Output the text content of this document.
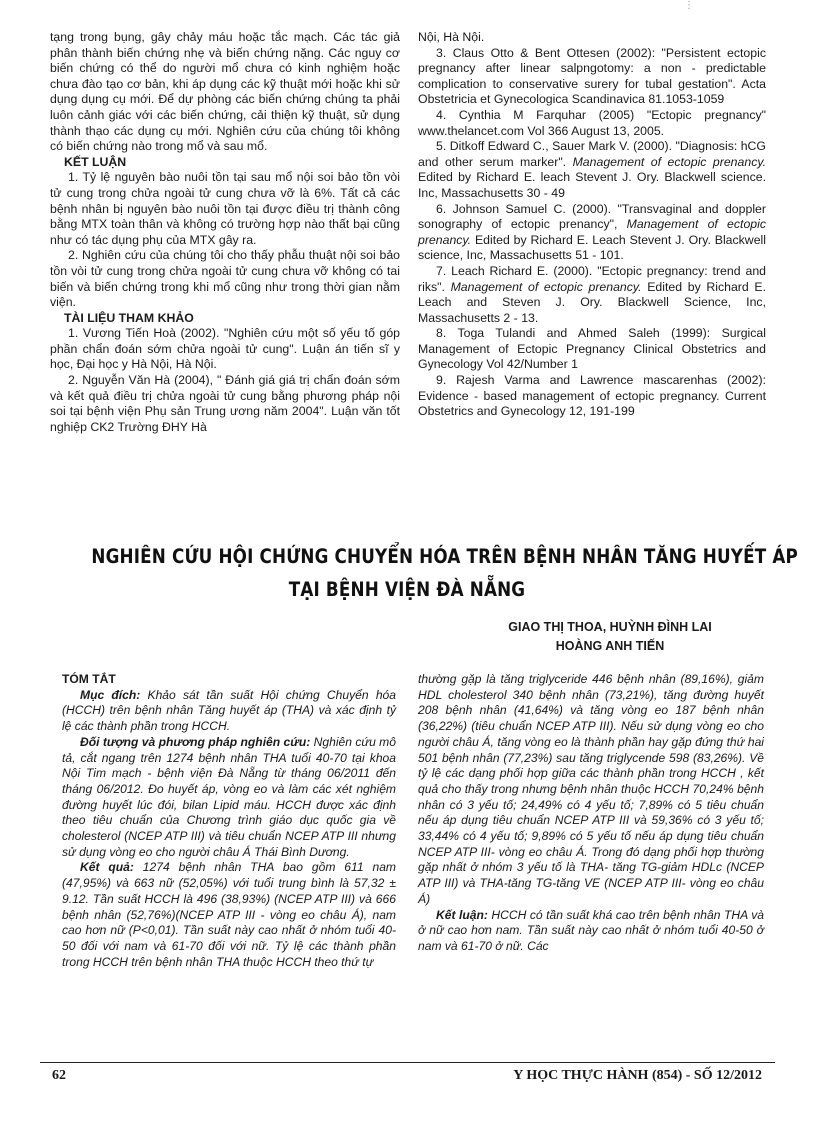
⋮

tạng trong bụng, gây chảy máu hoặc tắc mạch. Các tác giả phân thành biến chứng nhẹ và biến chứng nặng. Các nguy cơ biến chứng có thể do người mổ chưa có kinh nghiệm hoặc chưa đào tạo cơ bản, khi áp dụng các kỹ thuật mới hoặc khi sử dụng dụng cụ mới. Để dự phòng các biến chứng chúng ta phải luôn cảnh giác với các biến chứng, cải thiện kỹ thuật, sử dụng thành thạo các dụng cụ mới. Nghiên cứu của chúng tôi không có biến chứng nào trong mổ và sau mổ.

KẾT LUẬN

1. Tỷ lệ nguyên bào nuôi tồn tại sau mổ nội soi bảo tồn vòi tử cung trong chửa ngoài tử cung chưa vỡ là 6%. Tất cả các bệnh nhân bị nguyên bào nuôi tồn tại được điều trị thành công bằng MTX toàn thân và không có trường hợp nào thất bại cũng như có tác dụng phụ của MTX gây ra.

2. Nghiên cứu của chúng tôi cho thấy phẫu thuật nội soi bảo tồn vòi tử cung trong chửa ngoài tử cung chưa vỡ không có tai biến và biến chứng trong khi mổ cũng như trong thời gian nằm viện.

TÀI LIỆU THAM KHẢO

1. Vương Tiến Hoà (2002). "Nghiên cứu một số yếu tố góp phần chẩn đoán sớm chửa ngoài tử cung". Luận án tiến sĩ y học, Đại học y Hà Nội, Hà Nội.

2. Nguyễn Văn Hà (2004), " Đánh giá giá trị chẩn đoán sớm và kết quả điều trị chửa ngoài tử cung bằng phương pháp nội soi tại bệnh viện Phụ sản Trung ương năm 2004". Luận văn tốt nghiệp CK2 Trường ĐHY Hà

Nội, Hà Nội.

3. Claus Otto & Bent Ottesen (2002): "Persistent ectopic pregnancy after linear salpngotomy: a non - predictable complication to conservative surery for tubal gestation". Acta Obstetricia et Gynecologica Scandinavica 81.1053-1059

4. Cynthia M Farquhar (2005) "Ectopic pregnancy" www.thelancet.com Vol 366 August 13, 2005.

5. Ditkoff Edward C., Sauer Mark V. (2000). "Diagnosis: hCG and other serum marker". Management of ectopic prenancy. Edited by Richard E. leach Stevent J. Ory. Blackwell science. Inc, Massachusetts 30 - 49

6. Johnson Samuel C. (2000). "Transvaginal and doppler sonography of ectopic prenancy", Management of ectopic prenancy. Edited by Richard E. Leach Stevent J. Ory. Blackwell science, Inc, Massachusetts 51 - 101.

7. Leach Richard E. (2000). "Ectopic pregnancy: trend and riks". Management of ectopic prenancy. Edited by Richard E. Leach and Steven J. Ory. Blackwell Science, Inc, Massachusetts 2 - 13.

8. Toga Tulandi and Ahmed Saleh (1999): Surgical Management of Ectopic Pregnancy Clinical Obstetrics and Gynecology Vol 42/Number 1

9. Rajesh Varma and Lawrence mascarenhas (2002): Evidence - based management of ectopic pregnancy. Current Obstetrics and Gynecology 12, 191-199

NGHIÊN CỨU HỘI CHỨNG CHUYỂN HÓA TRÊN BỆNH NHÂN TĂNG HUYẾT ÁP
TẠI BỆNH VIỆN ĐÀ NẴNG
GIAO THỊ THOA, HUỲNH ĐÌNH LAI
HOÀNG ANH TIẾN

TÓM TẮT

Mục đích: Khảo sát tần suất Hội chứng Chuyển hóa (HCCH) trên bệnh nhân Tăng huyết áp (THA) và xác định tỷ lệ các thành phần trong HCCH.

Đối tượng và phương pháp nghiên cứu: Nghiên cứu mô tả, cắt ngang trên 1274 bệnh nhân THA tuổi 40-70 tại khoa Nội Tim mạch - bệnh viện Đà Nẵng từ tháng 06/2011 đến tháng 06/2012. Đo huyết áp, vòng eo và làm các xét nghiệm đường huyết lúc đói, bilan Lipid máu. HCCH được xác định theo tiêu chuẩn của Chương trình giáo dục quốc gia về cholesterol (NCEP ATP III) và tiêu chuẩn NCEP ATP III nhưng sử dụng vòng eo cho người châu Á Thái Bình Dương.

Kết quả: 1274 bệnh nhân THA bao gồm 611 nam (47,95%) và 663 nữ (52,05%) với tuổi trung bình là 57,32 ± 9.12. Tần suất HCCH là 496 (38,93%) (NCEP ATP III) và 666 bệnh nhân (52,76%)(NCEP ATP III - vòng eo châu Á), nam cao hơn nữ (P<0,01). Tần suất này cao nhất ở nhóm tuổi 40-50 đối với nam và 61-70 đối với nữ. Tỷ lệ các thành phần trong HCCH trên bệnh nhân THA thuộc HCCH theo thứ tự

thường gặp là tăng triglyceride 446 bệnh nhân (89,16%), giảm HDL cholesterol 340 bệnh nhân (73,21%), tăng đường huyết 208 bệnh nhân (41,64%) và tăng vòng eo 187 bệnh nhân (36,22%) (tiêu chuẩn NCEP ATP III). Nếu sử dụng vòng eo cho người châu Á, tăng vòng eo là thành phần hay gặp đứng thứ hai 501 bệnh nhân (77,23%) sau tăng triglycende 598 (83,26%). Về tỷ lệ các dạng phối hợp giữa các thành phần trong HCCH , kết quả cho thấy trong nhưng bệnh nhân thuộc HCCH 70,24% bệnh nhân có 3 yếu tố; 24,49% có 4 yếu tố; 7,89% có 5 tiêu chuẩn nếu áp dụng tiêu chuẩn NCEP ATP III và 59,36% có 3 yếu tố; 33,44% có 4 yếu tố; 9,89% có 5 yếu tố nếu áp dụng tiêu chuẩn NCEP ATP III- vòng eo châu Á. Trong đó dạng phối hợp thường gặp nhất ở nhóm 3 yếu tố là THA- tăng TG-giảm HDLc (NCEP ATP III) và THA-tăng TG-tăng VE (NCEP ATP III- vòng eo châu Á)

Kết luận: HCCH có tần suất khá cao trên bệnh nhân THA và ở nữ cao hơn nam. Tần suất này cao nhất ở nhóm tuổi 40-50 ở nam và 61-70 ở nữ. Các

62	Y HỌC THỰC HÀNH (854) - SỐ 12/2012
